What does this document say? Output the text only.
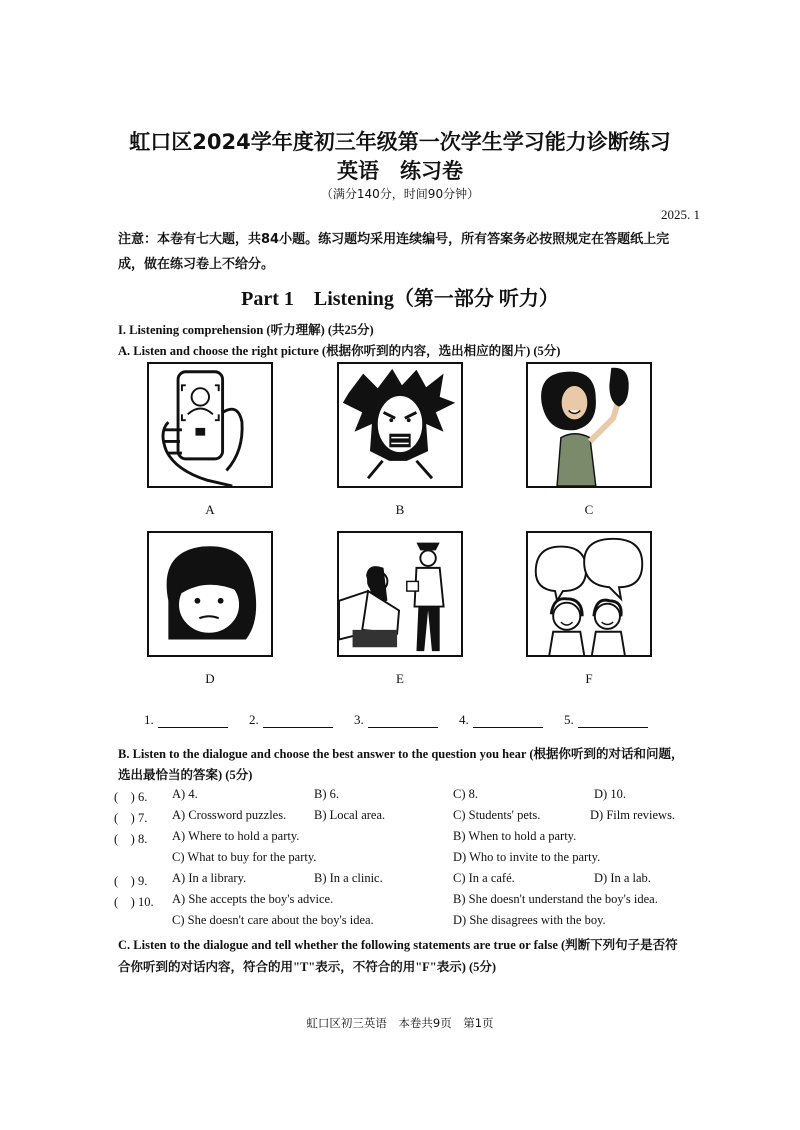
虹口区2024学年度初三年级第一次学生学习能力诊断练习
英语　练习卷
（满分140分，时间90分钟）
2025. 1
注意：本卷有七大题，共84小题。练习题均采用连续编号，所有答案务必按照规定在答题纸上完成，做在练习卷上不给分。
Part 1　Listening（第一部分 听力）
I. Listening comprehension (听力理解) (共25分)
A. Listen and choose the right picture (根据你听到的内容，选出相应的图片) (5分)
A	B	C
D	E	F
1.	2.	3.	4.	5.
B. Listen to the dialogue and choose the best answer to the question you hear (根据你听到的对话和问题，选出最恰当的答案) (5分)
(　) 6. A) 4.	B) 6.	C) 8.	D) 10.
(　) 7. A) Crossword puzzles. B) Local area.	C) Students' pets.	D) Film reviews.
(　) 8. A) Where to hold a party.	B) When to hold a party.
C) What to buy for the party.	D) Who to invite to the party.
(　) 9. A) In a library.	B) In a clinic.	C) In a café.	D) In a lab.
(　) 10. A) She accepts the boy's advice.	B) She doesn't understand the boy's idea.
C) She doesn't care about the boy's idea.	D) She disagrees with the boy.
C. Listen to the dialogue and tell whether the following statements are true or false (判断下列句子是否符合你听到的对话内容，符合的用"T"表示，不符合的用"F"表示) (5分)
虹口区初三英语　本卷共9页　第1页
